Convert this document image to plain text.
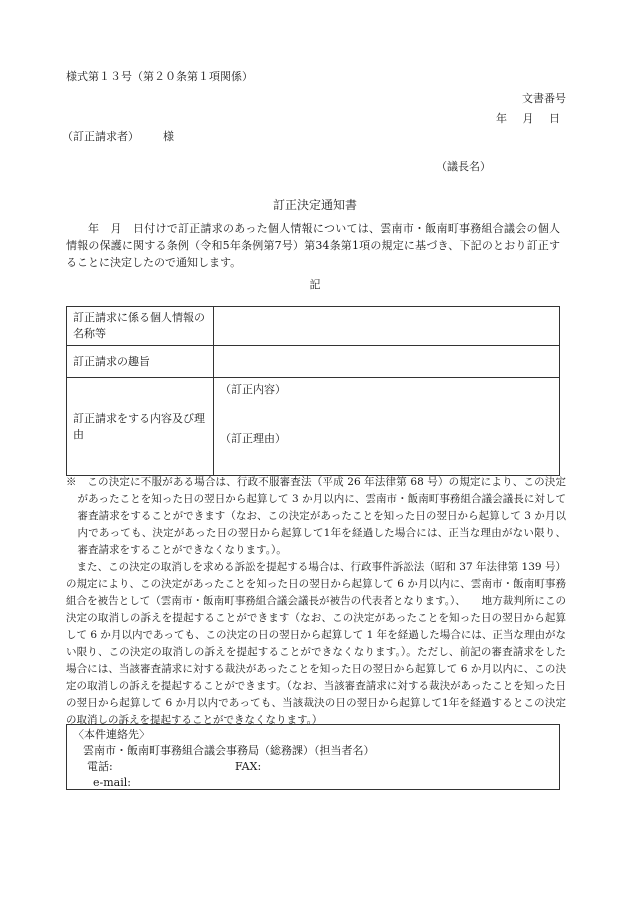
様式第１３号（第２０条第１項関係）
文書番号
年 月 日
（訂正請求者） 様
（議長名）
訂正決定通知書
年　月　日付けで訂正請求のあった個人情報については、雲南市・飯南町事務組合議会の個人情報の保護に関する条例（令和5年条例第7号）第34条第1項の規定に基づき、下記のとおり訂正することに決定したので通知します。
記
訂正請求に係る個人情報の名称等	
訂正請求の趣旨	
訂正請求をする内容及び理由	（訂正内容）
（訂正理由）

※　この決定に不服がある場合は、行政不服審査法（平成 26 年法律第 68 号）の規定により、この決定があったことを知った日の翌日から起算して 3 か月以内に、雲南市・飯南町事務組合議会議長に対して審査請求をすることができます（なお、この決定があったことを知った日の翌日から起算して 3 か月以内であっても、決定があった日の翌日から起算して1年を経過した場合には、正当な理由がない限り、審査請求をすることができなくなります。）。

また、この決定の取消しを求める訴訟を提起する場合は、行政事件訴訟法（昭和 37 年法律第 139 号）の規定により、この決定があったことを知った日の翌日から起算して 6 か月以内に、雲南市・飯南町事務組合を被告として（雲南市・飯南町事務組合議会議長が被告の代表者となります。）、　　地方裁判所にこの決定の取消しの訴えを提起することができます（なお、この決定があったことを知った日の翌日から起算して 6 か月以内であっても、この決定の日の翌日から起算して 1 年を経過した場合には、正当な理由がない限り、この決定の取消しの訴えを提起することができなくなります。）。ただし、前記の審査請求をした場合には、当該審査請求に対する裁決があったことを知った日の翌日から起算して 6 か月以内に、この決定の取消しの訴えを提起することができます。（なお、当該審査請求に対する裁決があったことを知った日の翌日から起算して 6 か月以内であっても、当該裁決の日の翌日から起算して1年を経過するとこの決定の取消しの訴えを提起することができなくなります。）

〈本件連絡先〉
雲南市・飯南町事務組合議会事務局（総務課）（担当者名）
電話:	FAX:
e-mail:
